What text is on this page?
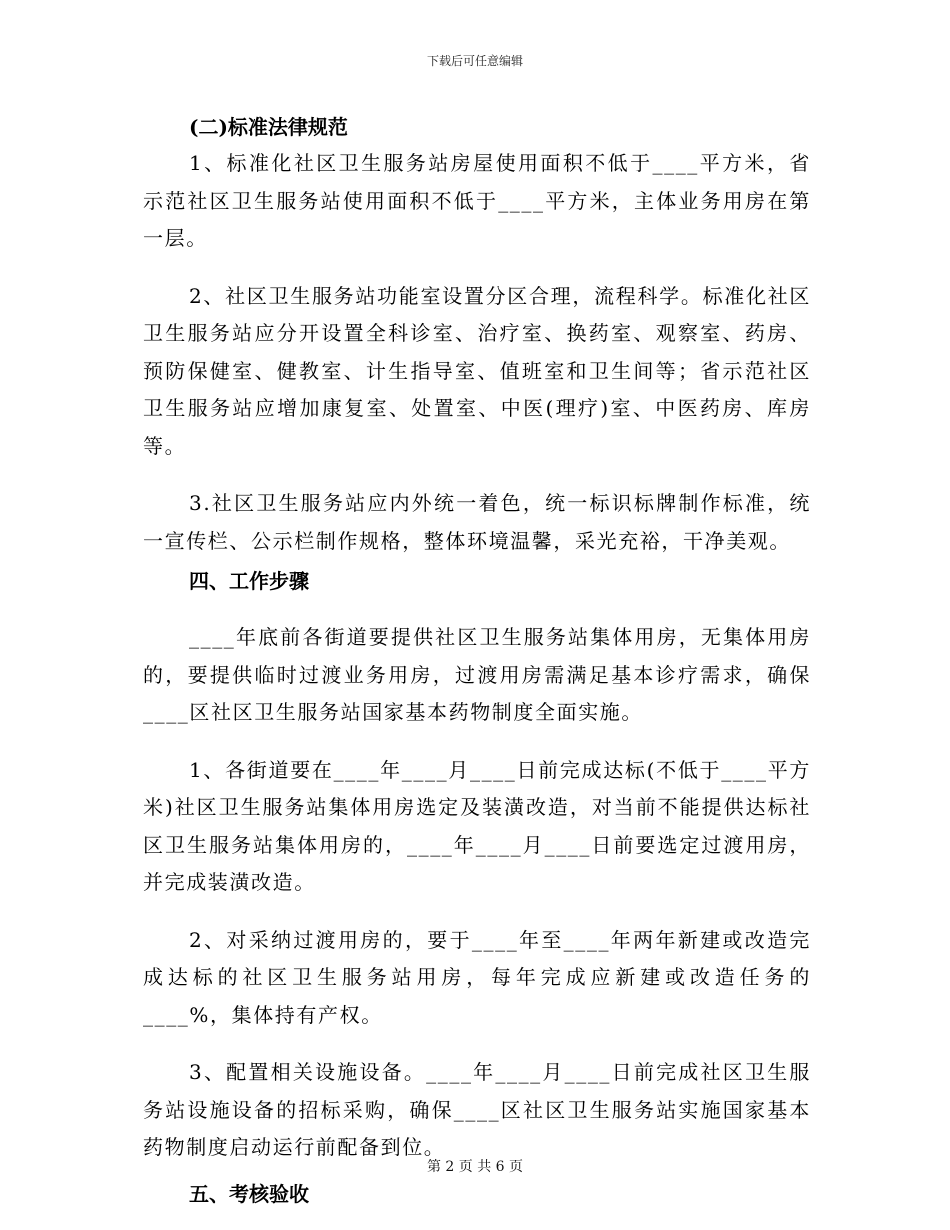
下载后可任意编辑
(二)标准法律规范

1、标准化社区卫生服务站房屋使用面积不低于____平方米，省示范社区卫生服务站使用面积不低于____平方米，主体业务用房在第一层。

2、社区卫生服务站功能室设置分区合理，流程科学。标准化社区卫生服务站应分开设置全科诊室、治疗室、换药室、观察室、药房、预防保健室、健教室、计生指导室、值班室和卫生间等；省示范社区卫生服务站应增加康复室、处置室、中医(理疗)室、中医药房、库房等。

3.社区卫生服务站应内外统一着色，统一标识标牌制作标准，统一宣传栏、公示栏制作规格，整体环境温馨，采光充裕，干净美观。

四、工作步骤

____年底前各街道要提供社区卫生服务站集体用房，无集体用房的，要提供临时过渡业务用房，过渡用房需满足基本诊疗需求，确保____区社区卫生服务站国家基本药物制度全面实施。

1、各街道要在____年____月____日前完成达标(不低于____平方米)社区卫生服务站集体用房选定及装潢改造，对当前不能提供达标社区卫生服务站集体用房的，____年____月____日前要选定过渡用房，并完成装潢改造。

2、对采纳过渡用房的，要于____年至____年两年新建或改造完成达标的社区卫生服务站用房，每年完成应新建或改造任务的____%，集体持有产权。

3、配置相关设施设备。____年____月____日前完成社区卫生服务站设施设备的招标采购，确保____区社区卫生服务站实施国家基本药物制度启动运行前配备到位。

五、考核验收
第 2 页 共 6 页
